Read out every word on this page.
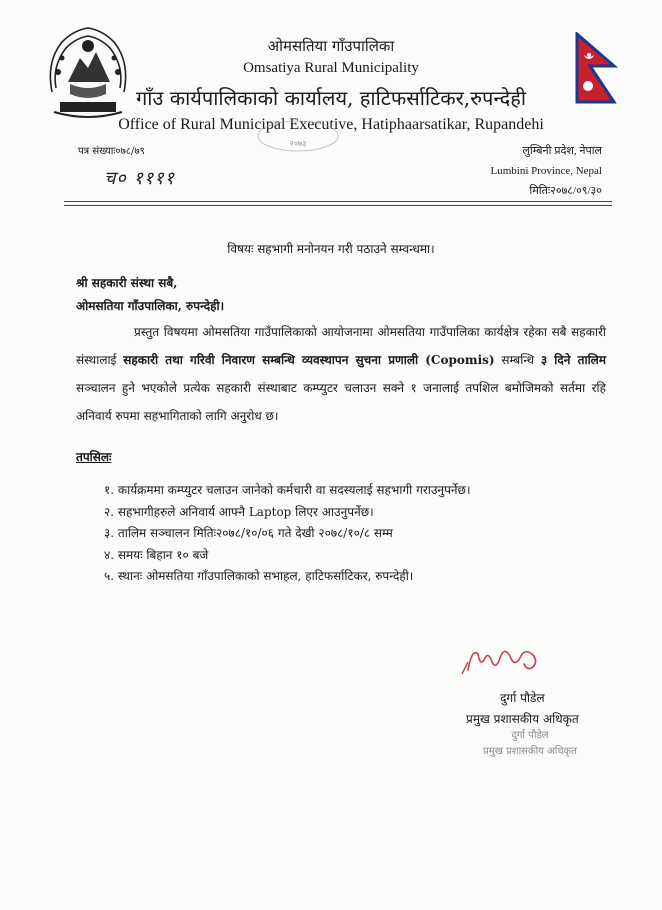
ओमसतिया गाँउपालिका
Omsatiya Rural Municipality
गाँउ कार्यपालिकाको कार्यालय, हाटिफर्साटिकर,रुपन्देही
Office of Rural Municipal Executive, Hatiphaarsatikar, Rupandehi
२०७३
पत्र संख्याः०७८/७९
च० ११११
लुम्बिनी प्रदेश, नेपाल
Lumbini Province, Nepal
मितिः२०७८/०९/३०
विषयः सहभागी मनोनयन गरी पठाउने सम्वन्धमा।
श्री सहकारी संस्था सबै,
ओमसतिया गाँउपालिका, रुपन्देही।
प्रस्तुत विषयमा ओमसतिया गाउँपालिकाको आयोजनामा ओमसतिया गाउँपालिका कार्यक्षेत्र रहेका सबै सहकारी संस्थालाई सहकारी तथा गरिवी निवारण सम्बन्धि व्यवस्थापन सुचना प्रणाली (Copomis) सम्बन्धि ३ दिने तालिम सञ्चालन हुने भएकोले प्रत्येक सहकारी संस्थाबाट कम्प्युटर चलाउन सक्ने १ जनालाई तपशिल बमोजिमको सर्तमा रहि अनिवार्य रुपमा सहभागिताको लागि अनुरोध छ।
तपसिलः
१. कार्यक्रममा कम्प्युटर चलाउन जानेको कर्मचारी वा सदस्यलाई सहभागी गराउनुपर्नेछ।
२. सहभागीहरुले अनिवार्य आफ्नै Laptop लिएर आउनुपर्नेछ।
३. तालिम सञ्चालन मितिः२०७८/१०/०६ गते देखी २०७८/१०/८ सम्म
४. समयः बिहान १० बजे
५. स्थानः ओमसतिया गाँउपालिकाको सभाहल, हाटिफर्साटिकर, रुपन्देही।
दुर्गा पौडेल
प्रमुख प्रशासकीय अधिकृत
दुर्गा पौडेल
प्रमुख प्रशासकीय अधिकृत
